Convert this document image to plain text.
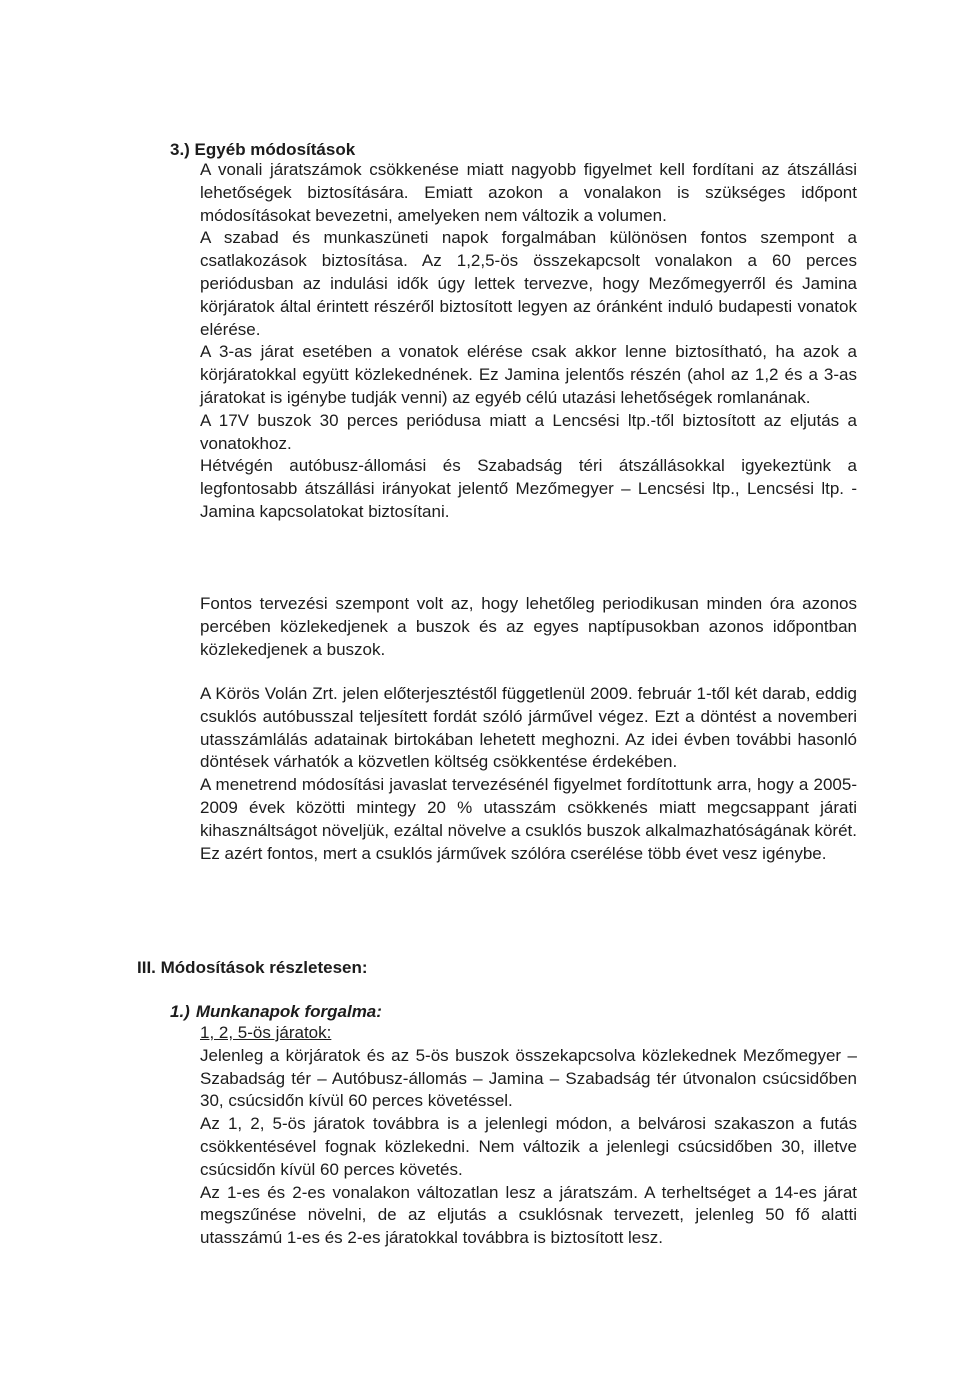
3.) Egyéb módosítások

A vonali járatszámok csökkenése miatt nagyobb figyelmet kell fordítani az átszállási lehetőségek biztosítására. Emiatt azokon a vonalakon is szükséges időpont módosításokat bevezetni, amelyeken nem változik a volumen.

A szabad és munkaszüneti napok forgalmában különösen fontos szempont a csatlakozások biztosítása. Az 1,2,5-ös összekapcsolt vonalakon a 60 perces periódusban az indulási idők úgy lettek tervezve, hogy Mezőmegyerről és Jamina körjáratok által érintett részéről biztosított legyen az óránként induló budapesti vonatok elérése.

A 3-as járat esetében a vonatok elérése csak akkor lenne biztosítható, ha azok a körjáratokkal együtt közlekednének. Ez Jamina jelentős részén (ahol az 1,2 és a 3-as járatokat is igénybe tudják venni) az egyéb célú utazási lehetőségek romlanának.

A 17V buszok 30 perces periódusa miatt a Lencsési ltp.-től biztosított az eljutás a vonatokhoz.

Hétvégén autóbusz-állomási és Szabadság téri átszállásokkal igyekeztünk a legfontosabb átszállási irányokat jelentő Mezőmegyer – Lencsési ltp., Lencsési ltp. - Jamina kapcsolatokat biztosítani.

Fontos tervezési szempont volt az, hogy lehetőleg periodikusan minden óra azonos percében közlekedjenek a buszok és az egyes naptípusokban azonos időpontban közlekedjenek a buszok.

A Körös Volán Zrt. jelen előterjesztéstől függetlenül 2009. február 1-től két darab, eddig csuklós autóbusszal teljesített fordát szóló járművel végez. Ezt a döntést a novemberi utasszámlálás adatainak birtokában lehetett meghozni. Az idei évben további hasonló döntések várhatók a közvetlen költség csökkentése érdekében.

A menetrend módosítási javaslat tervezésénél figyelmet fordítottunk arra, hogy a 2005-2009 évek közötti mintegy 20 % utasszám csökkenés miatt megcsappant járati kihasználtságot növeljük, ezáltal növelve a csuklós buszok alkalmazhatóságának körét. Ez azért fontos, mert a csuklós járművek szólóra cserélése több évet vesz igénybe.

III. Módosítások részletesen:
1.) Munkanapok forgalma:

1, 2, 5-ös járatok:

Jelenleg a körjáratok és az 5-ös buszok összekapcsolva közlekednek Mezőmegyer – Szabadság tér – Autóbusz-állomás – Jamina – Szabadság tér útvonalon csúcsidőben 30, csúcsidőn kívül 60 perces követéssel.

Az 1, 2, 5-ös járatok továbbra is a jelenlegi módon, a belvárosi szakaszon a futás csökkentésével fognak közlekedni. Nem változik a jelenlegi csúcsidőben 30, illetve csúcsidőn kívül 60 perces követés.

Az 1-es és 2-es vonalakon változatlan lesz a járatszám. A terheltséget a 14-es járat megszűnése növelni, de az eljutás a csuklósnak tervezett, jelenleg 50 fő alatti utasszámú 1-es és 2-es járatokkal továbbra is biztosított lesz.
